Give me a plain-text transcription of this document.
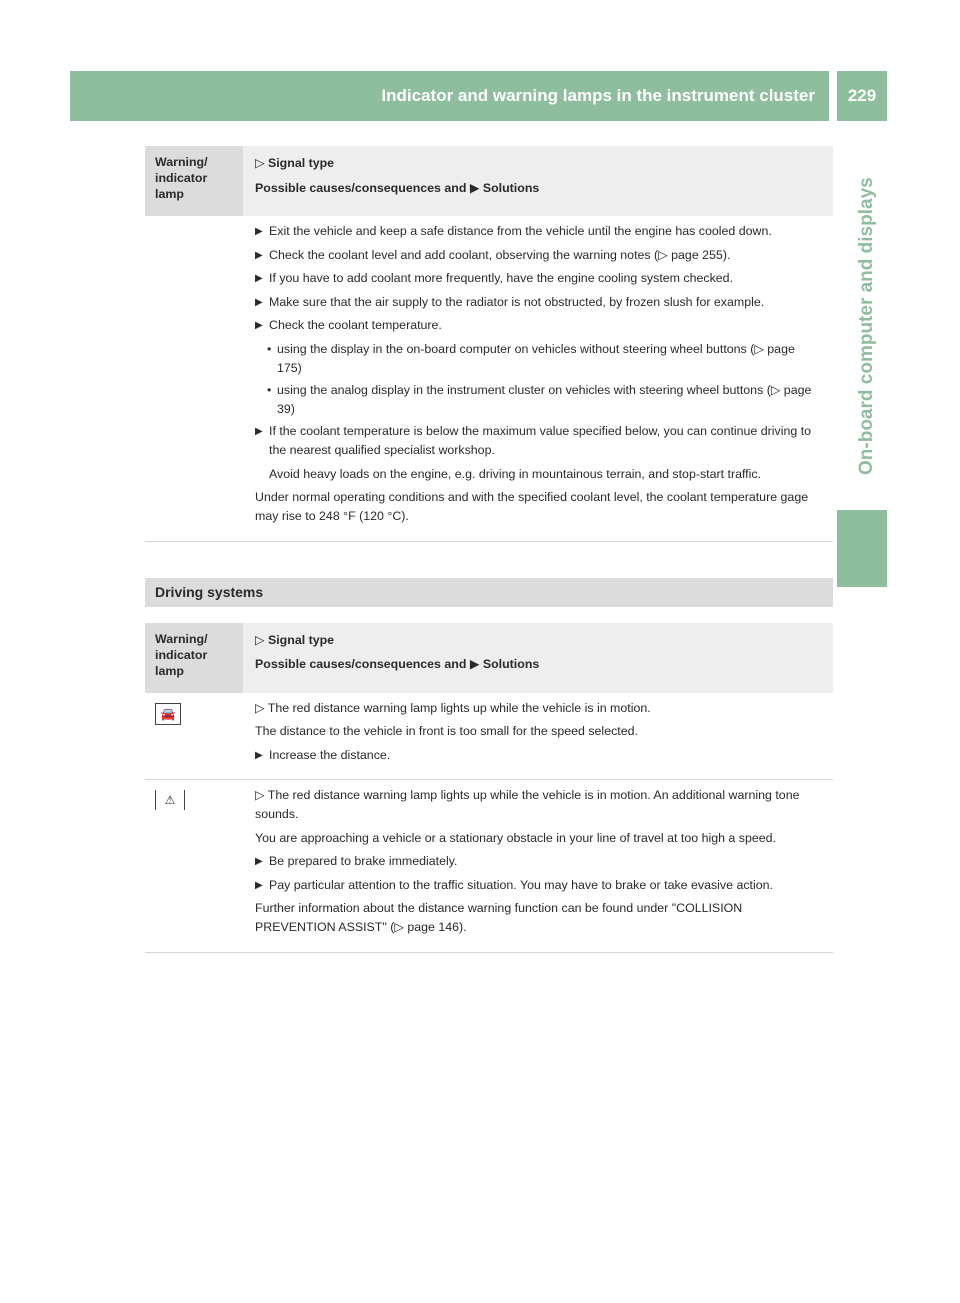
Indicator and warning lamps in the instrument cluster	229
On-board computer and displays
Warning/ indicator lamp
▷ Signal type
Possible causes/consequences and ▶ Solutions
▶ Exit the vehicle and keep a safe distance from the vehicle until the engine has cooled down.
▶ Check the coolant level and add coolant, observing the warning notes (▷ page 255).
▶ If you have to add coolant more frequently, have the engine cooling system checked.
▶ Make sure that the air supply to the radiator is not obstructed, by frozen slush for example.
▶ Check the coolant temperature.
• using the display in the on-board computer on vehicles without steering wheel buttons (▷ page 175)
• using the analog display in the instrument cluster on vehicles with steering wheel buttons (▷ page 39)
▶ If the coolant temperature is below the maximum value specified below, you can continue driving to the nearest qualified specialist workshop.

Avoid heavy loads on the engine, e.g. driving in mountainous terrain, and stop-start traffic.

Under normal operating conditions and with the specified coolant level, the coolant temperature gage may rise to 248 °F (120 °C).

Driving systems
Warning/ indicator lamp
▷ Signal type
Possible causes/consequences and ▶ Solutions
🚘	▷ The red distance warning lamp lights up while the vehicle is in motion.

The distance to the vehicle in front is too small for the speed selected.

▶ Increase the distance.
⚠	▷ The red distance warning lamp lights up while the vehicle is in motion. An additional warning tone sounds.

You are approaching a vehicle or a stationary obstacle in your line of travel at too high a speed.

▶ Be prepared to brake immediately.
▶ Pay particular attention to the traffic situation. You may have to brake or take evasive action.

Further information about the distance warning function can be found under "COLLISION PREVENTION ASSIST" (▷ page 146).
